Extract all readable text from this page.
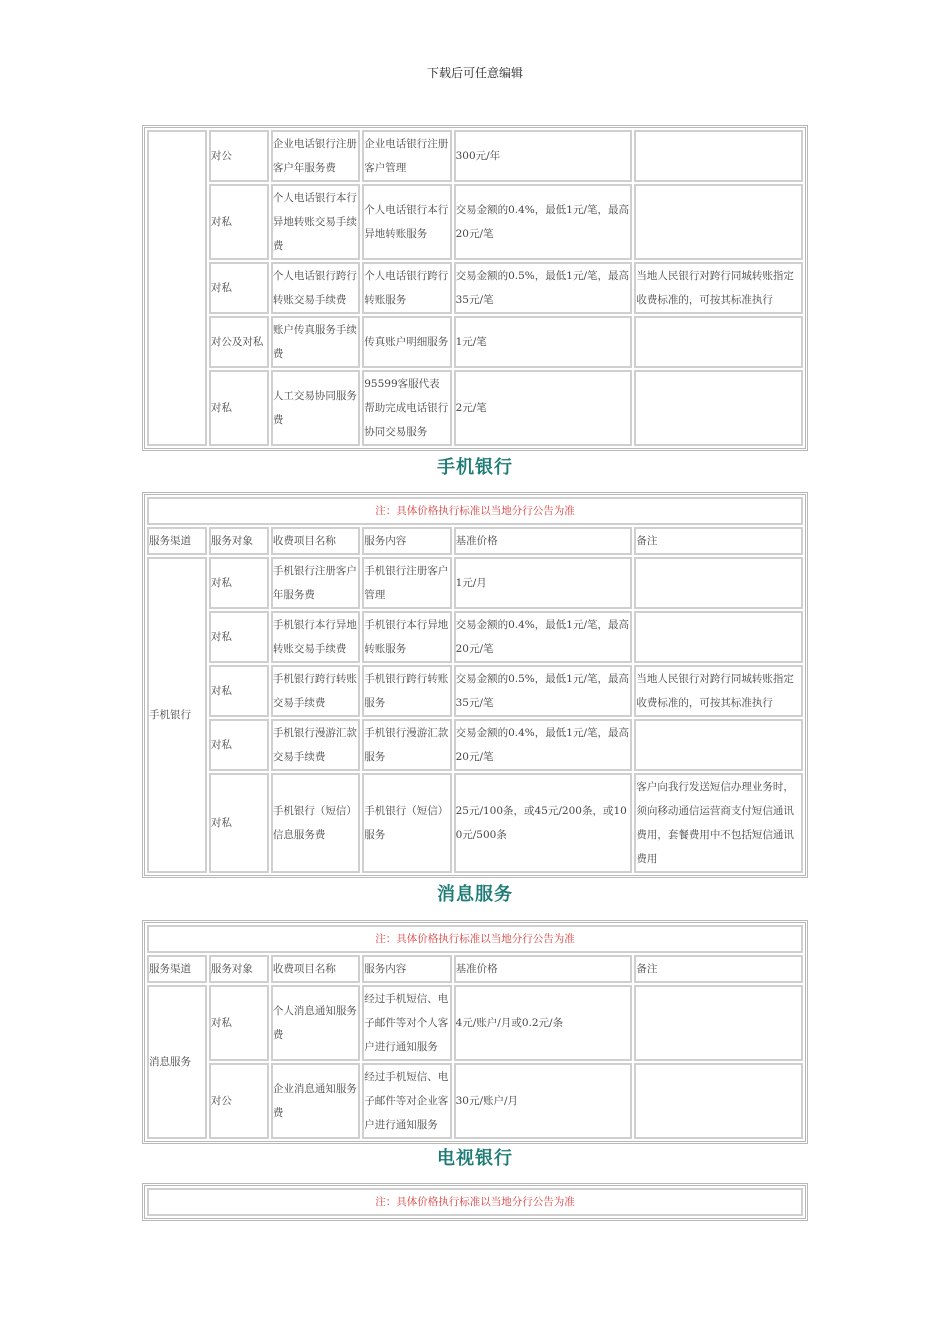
下载后可任意编辑
	对公	企业电话银行注册客户年服务费	企业电话银行注册客户管理	300元/年	
	对私	个人电话银行本行异地转账交易手续费	个人电话银行本行异地转账服务	交易金额的0.4%，最低1元/笔，最高20元/笔	
	对私	个人电话银行跨行转账交易手续费	个人电话银行跨行转账服务	交易金额的0.5%，最低1元/笔，最高35元/笔	当地人民银行对跨行同城转账指定收费标准的，可按其标准执行
	对公及对私	账户传真服务手续费	传真账户明细服务	1元/笔	
	对私	人工交易协同服务费	95599客服代表帮助完成电话银行协同交易服务	2元/笔	
手机银行
注：具体价格执行标准以当地分行公告为准					
服务渠道	服务对象	收费项目名称	服务内容	基准价格	备注
手机银行	对私	手机银行注册客户年服务费	手机银行注册客户管理	1元/月	
	对私	手机银行本行异地转账交易手续费	手机银行本行异地转账服务	交易金额的0.4%，最低1元/笔，最高20元/笔	
	对私	手机银行跨行转账交易手续费	手机银行跨行转账服务	交易金额的0.5%，最低1元/笔，最高35元/笔	当地人民银行对跨行同城转账指定收费标准的，可按其标准执行
	对私	手机银行漫游汇款交易手续费	手机银行漫游汇款服务	交易金额的0.4%，最低1元/笔，最高20元/笔	
	对私	手机银行（短信）信息服务费	手机银行（短信）服务	25元/100条，或45元/200条，或100元/500条	客户向我行发送短信办理业务时，须向移动通信运营商支付短信通讯费用，套餐费用中不包括短信通讯费用
消息服务
注：具体价格执行标准以当地分行公告为准					
服务渠道	服务对象	收费项目名称	服务内容	基准价格	备注
消息服务	对私	个人消息通知服务费	经过手机短信、电子邮件等对个人客户进行通知服务	4元/账户/月或0.2元/条	
	对公	企业消息通知服务费	经过手机短信、电子邮件等对企业客户进行通知服务	30元/账户/月	
电视银行
注：具体价格执行标准以当地分行公告为准
